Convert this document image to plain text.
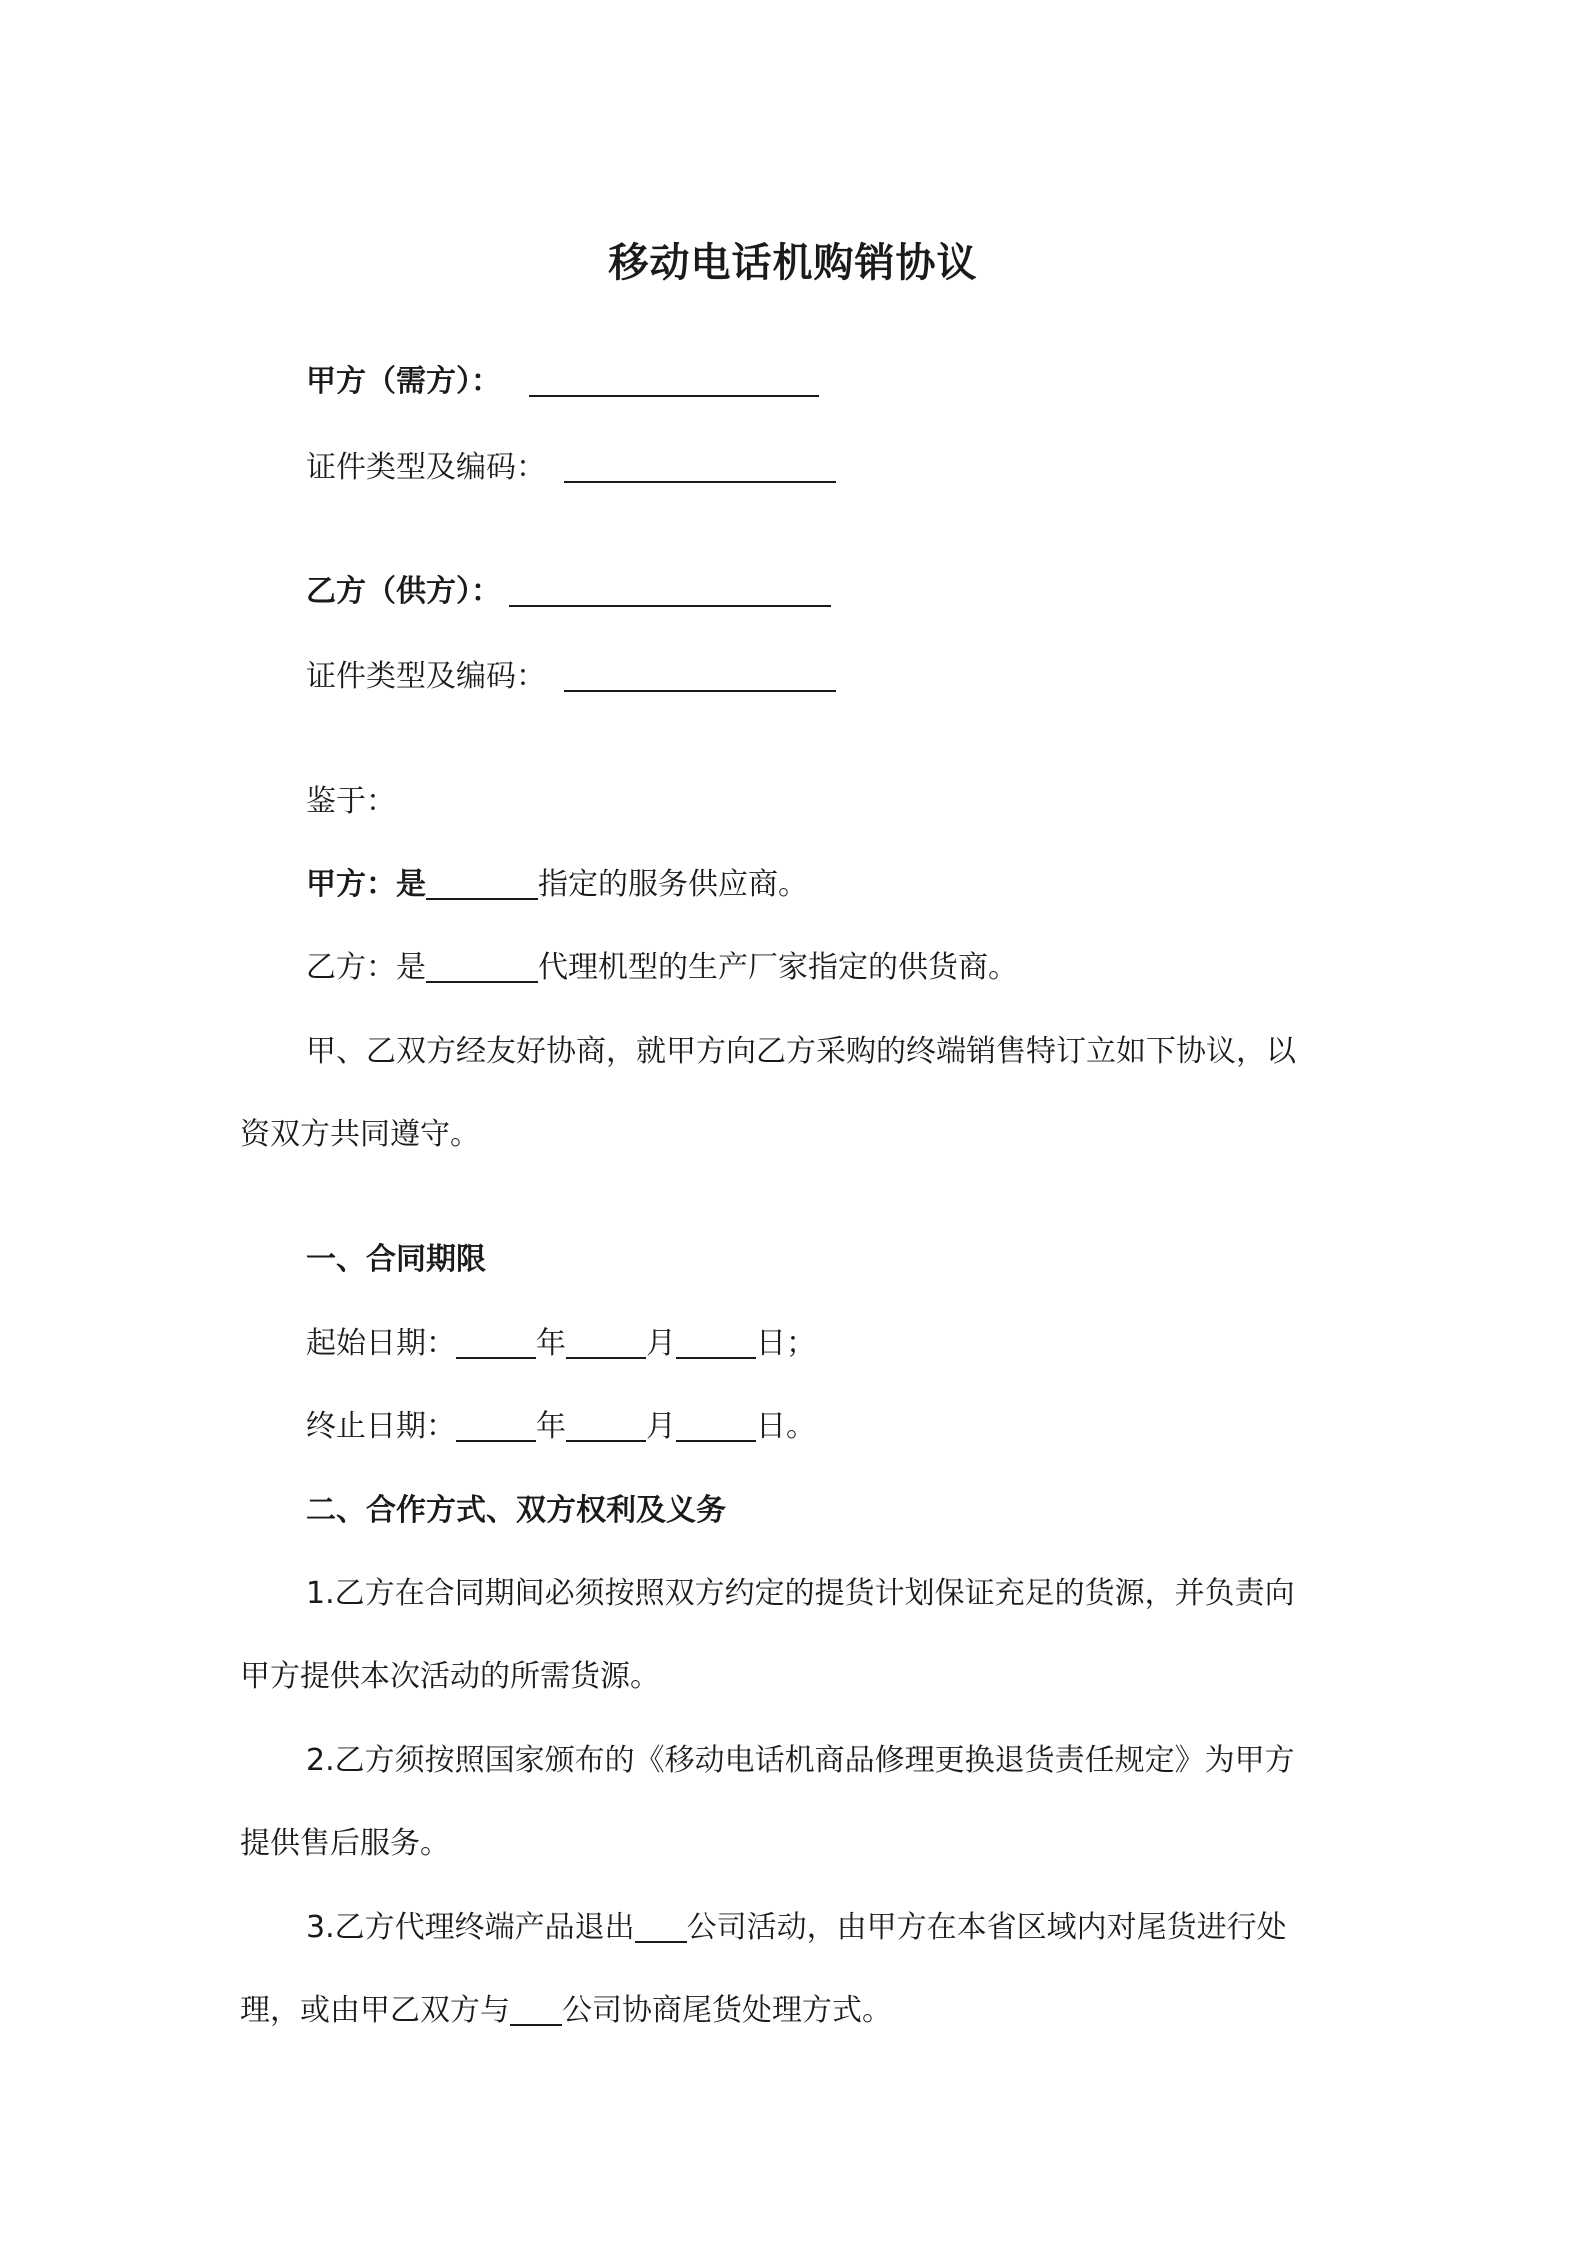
移动电话机购销协议
甲方（需方）：
证件类型及编码：
乙方（供方）：
证件类型及编码：
鉴于：
甲方：是	指定的服务供应商。
乙方：是	代理机型的生产厂家指定的供货商。
甲、乙双方经友好协商，就甲方向乙方采购的终端销售特订立如下协议，以
资双方共同遵守。
一、合同期限
起始日期：	年	月	日；
终止日期：	年	月	日。
二、合作方式、双方权利及义务
1.乙方在合同期间必须按照双方约定的提货计划保证充足的货源，并负责向
甲方提供本次活动的所需货源。
2.乙方须按照国家颁布的《移动电话机商品修理更换退货责任规定》为甲方
提供售后服务。
3.乙方代理终端产品退出 公司活动，由甲方在本省区域内对尾货进行处
理，或由甲乙双方与 公司协商尾货处理方式。
